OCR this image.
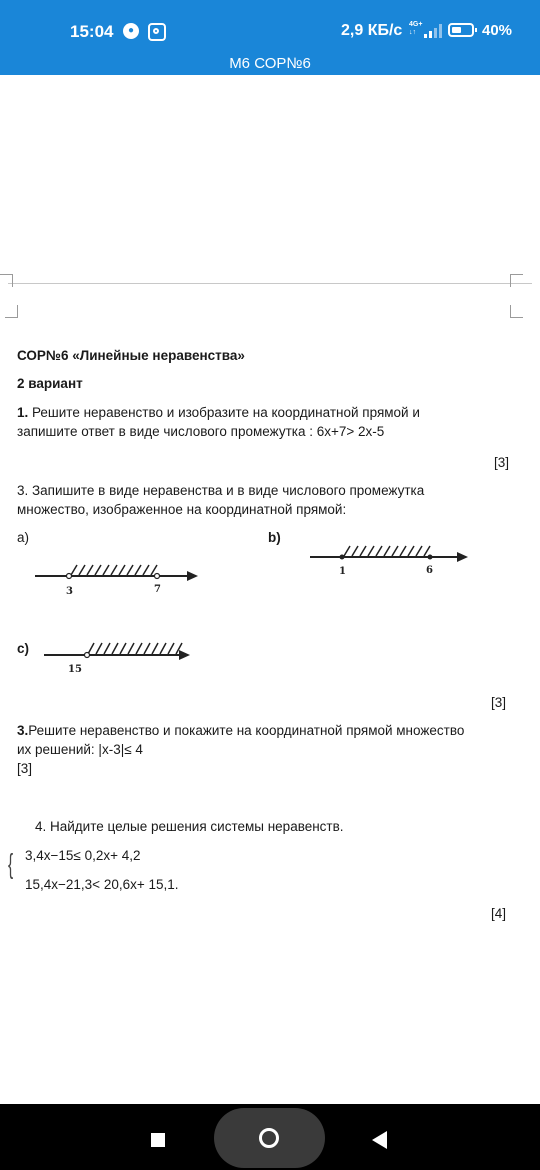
15:04	●	2,9 КБ/с 4G+
↓↑	40%
М6 СОР№6
СОР№6 «Линейные неравенства»
2 вариант
1. Решите неравенство и изобразите на координатной прямой и
запишите ответ в виде числового промежутка : 6x+7> 2x-5
[3]
3. Запишите в виде неравенства и в виде числового промежутка
множество, изображенное на координатной прямой:
a)	b)
3	7
1	6
c)
15
[3]
3.Решите неравенство и покажите на координатной прямой множество
их решений: |x-3|≤ 4
[3]
4. Найдите целые решения системы неравенств.
{ 3,4x−15≤ 0,2x+ 4,2
15,4x−21,3< 20,6x+ 15,1.
[4]
